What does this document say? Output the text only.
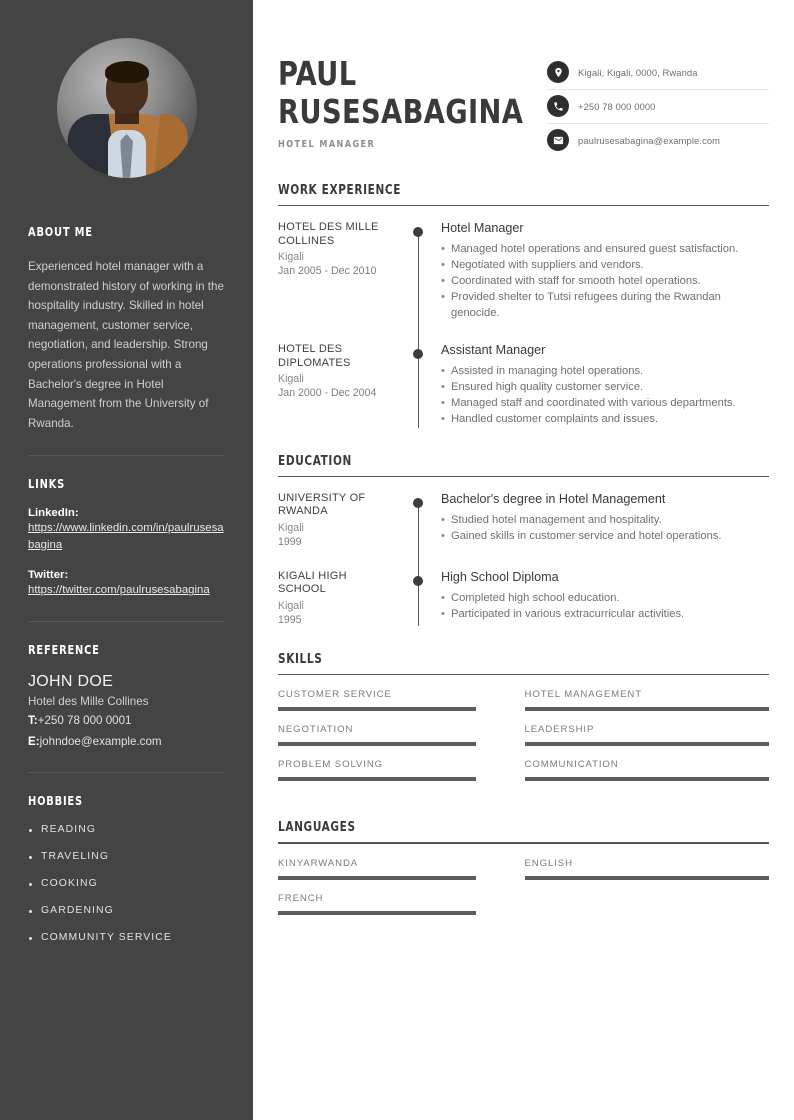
ABOUT ME

Experienced hotel manager with a demonstrated history of working in the hospitality industry. Skilled in hotel management, customer service, negotiation, and leadership. Strong operations professional with a Bachelor's degree in Hotel Management from the University of Rwanda.

LINKS
LinkedIn:
https://www.linkedin.com/in/paulrusesabagina
Twitter:
https://twitter.com/paulrusesabagina
REFERENCE
JOHN DOE
Hotel des Mille Collines
T:+250 78 000 0001
E:johndoe@example.com
HOBBIES
READING
TRAVELING
COOKING
GARDENING
COMMUNITY SERVICE
PAUL
RUSESABAGINA
HOTEL MANAGER
Kigali, Kigali, 0000, Rwanda
+250 78 000 0000
paulrusesabagina@example.com
WORK EXPERIENCE
HOTEL DES MILLE COLLINES
Kigali
Jan 2005 - Dec 2010
Hotel Manager
• Managed hotel operations and ensured guest satisfaction.
• Negotiated with suppliers and vendors.
• Coordinated with staff for smooth hotel operations.
• Provided shelter to Tutsi refugees during the Rwandan genocide.
HOTEL DES DIPLOMATES
Kigali
Jan 2000 - Dec 2004
Assistant Manager
• Assisted in managing hotel operations.
• Ensured high quality customer service.
• Managed staff and coordinated with various departments.
• Handled customer complaints and issues.
EDUCATION
UNIVERSITY OF RWANDA
Kigali
1999
Bachelor's degree in Hotel Management
• Studied hotel management and hospitality.
• Gained skills in customer service and hotel operations.
KIGALI HIGH SCHOOL
Kigali
1995
High School Diploma
• Completed high school education.
• Participated in various extracurricular activities.
SKILLS
CUSTOMER SERVICE	HOTEL MANAGEMENT
NEGOTIATION	LEADERSHIP
PROBLEM SOLVING	COMMUNICATION
LANGUAGES
KINYARWANDA	ENGLISH
FRENCH
